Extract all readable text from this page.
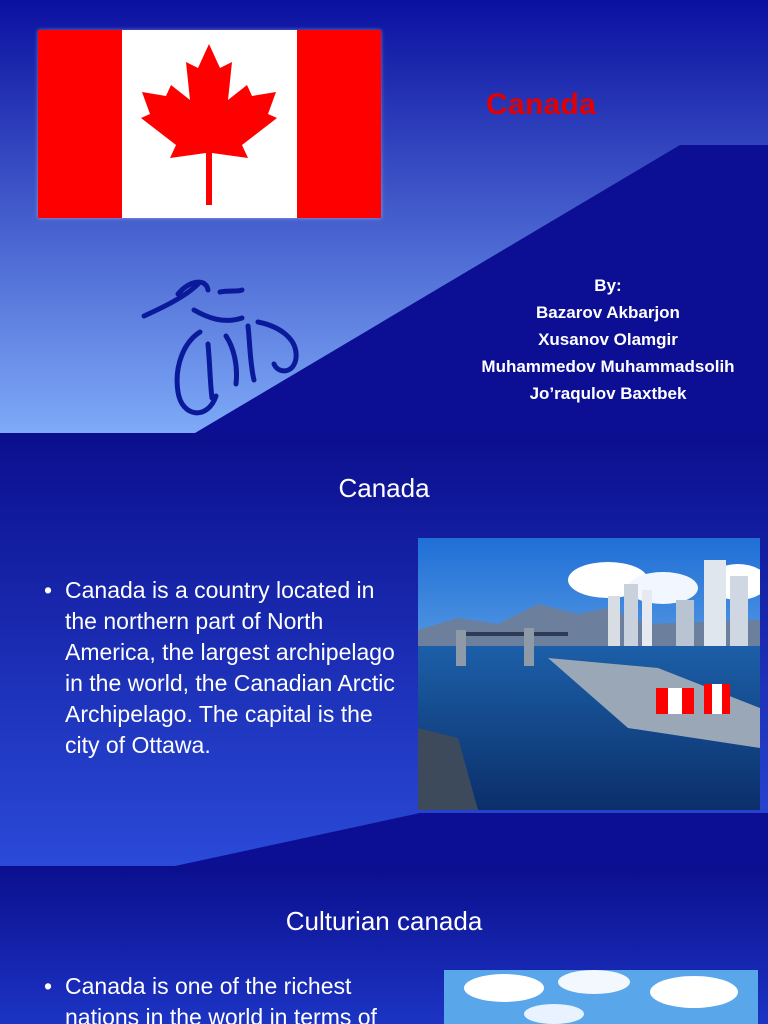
Canada
By:
Bazarov Akbarjon
Xusanov Olamgir
Muhammedov Muhammadsolih
Jo’raqulov Baxtbek
Canada
• Canada is a country located in the northern part of North America, the largest archipelago in the world, the Canadian Arctic Archipelago. The capital is the city of Ottawa.
Culturian canada
• Canada is one of the richest nations in the world in terms of
